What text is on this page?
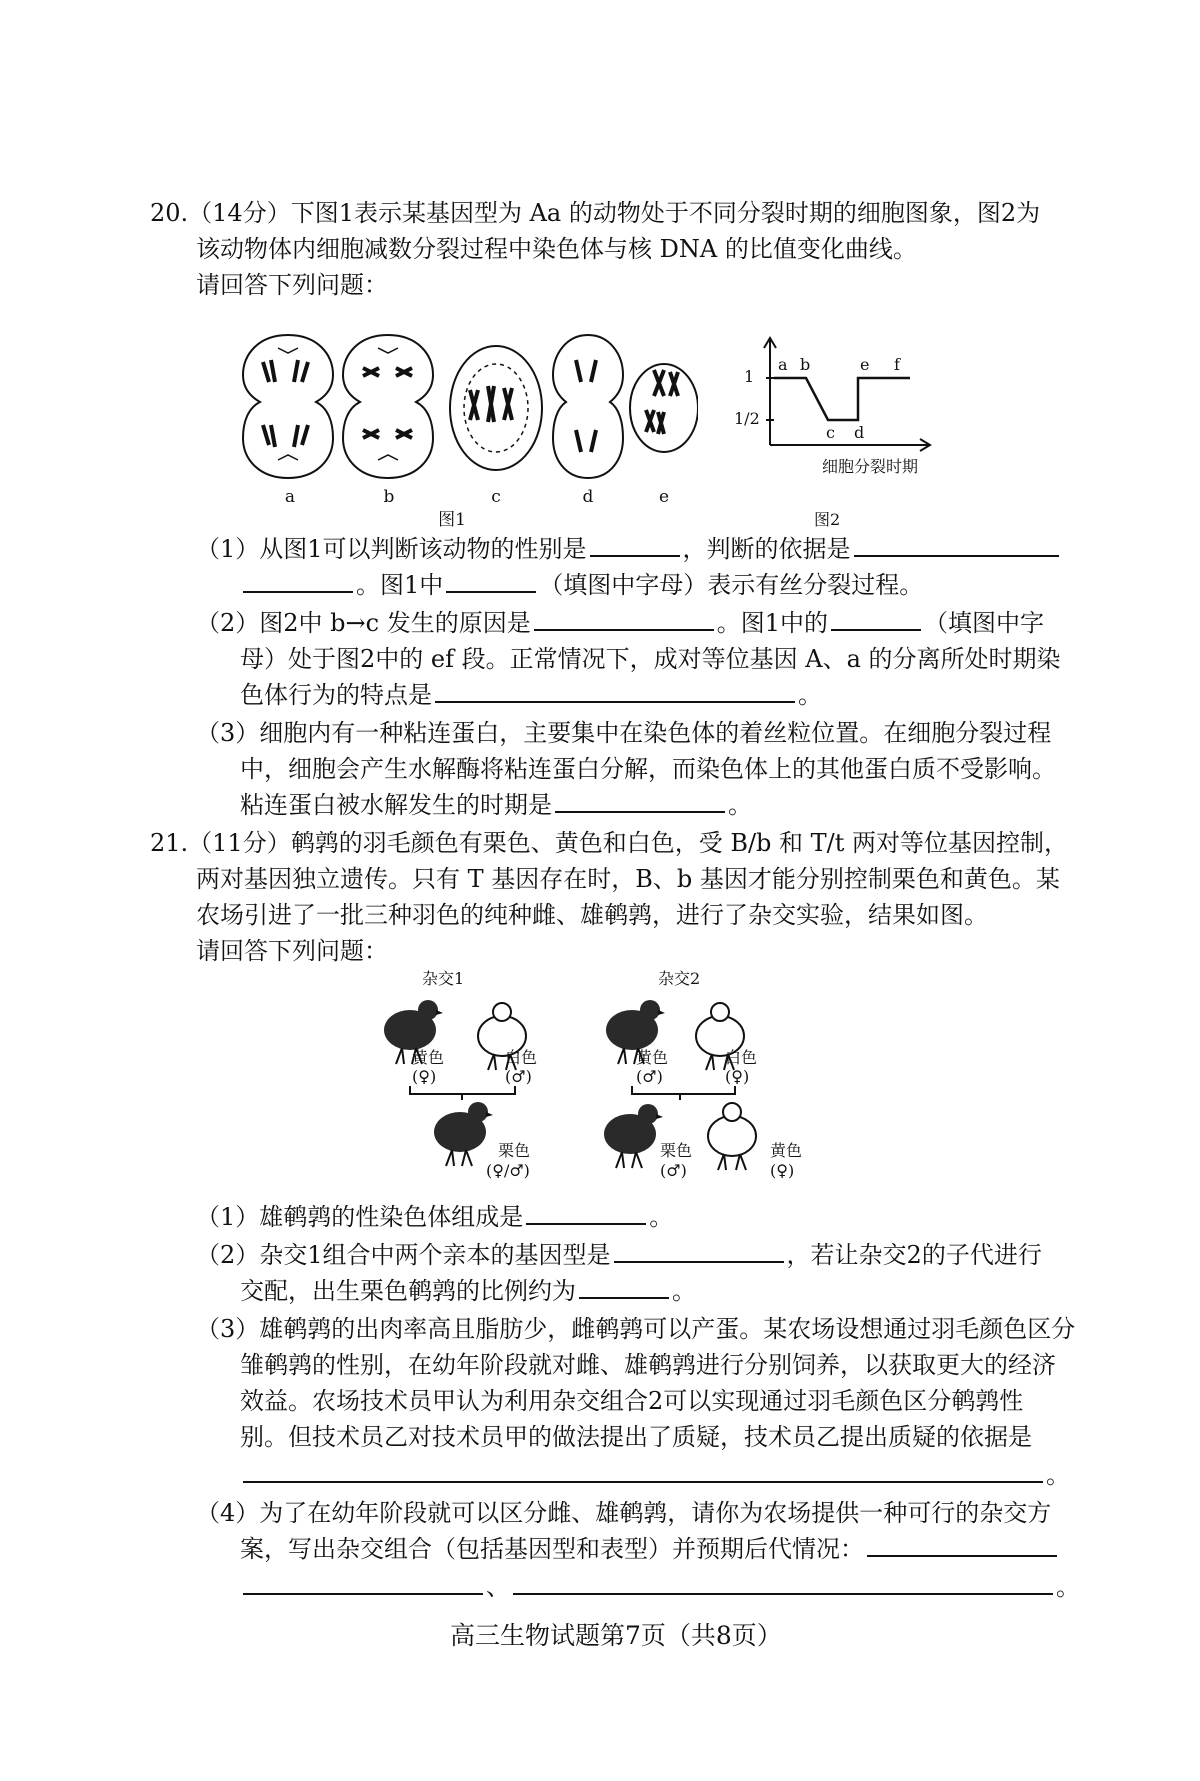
20.（14分）下图1表示某基因型为 Aa 的动物处于不同分裂时期的细胞图象，图2为
该动物体内细胞减数分裂过程中染色体与核 DNA 的比值变化曲线。
请回答下列问题：
a	b	c	d	e
图1
1
1/2
a b
c d
e f
细胞分裂时期
图2
（1）从图1可以判断该动物的性别是	，判断的依据是
。图1中	（填图中字母）表示有丝分裂过程。
（2）图2中 b→c 发生的原因是	。图1中的	（填图中字
母）处于图2中的 ef 段。正常情况下，成对等位基因 A、a 的分离所处时期染
色体行为的特点是	。
（3）细胞内有一种粘连蛋白，主要集中在染色体的着丝粒位置。在细胞分裂过程
中，细胞会产生水解酶将粘连蛋白分解，而染色体上的其他蛋白质不受影响。
粘连蛋白被水解发生的时期是	。
21.（11分）鹌鹑的羽毛颜色有栗色、黄色和白色，受 B/b 和 T/t 两对等位基因控制，
两对基因独立遗传。只有 T 基因存在时，B、b 基因才能分别控制栗色和黄色。某
农场引进了一批三种羽色的纯种雌、雄鹌鹑，进行了杂交实验，结果如图。
请回答下列问题：
杂交1
黄色
(♀)
白色
(♂)
栗色
(♀/♂)
杂交2
黄色
(♂)
白色
(♀)
栗色
(♂)
黄色
(♀)
（1）雄鹌鹑的性染色体组成是	。
（2）杂交1组合中两个亲本的基因型是	，若让杂交2的子代进行
交配，出生栗色鹌鹑的比例约为	。
（3）雄鹌鹑的出肉率高且脂肪少，雌鹌鹑可以产蛋。某农场设想通过羽毛颜色区分
雏鹌鹑的性别，在幼年阶段就对雌、雄鹌鹑进行分别饲养，以获取更大的经济
效益。农场技术员甲认为利用杂交组合2可以实现通过羽毛颜色区分鹌鹑性
别。但技术员乙对技术员甲的做法提出了质疑，技术员乙提出质疑的依据是
。
（4）为了在幼年阶段就可以区分雌、雄鹌鹑，请你为农场提供一种可行的杂交方
案，写出杂交组合（包括基因型和表型）并预期后代情况：
、	。
高三生物试题第7页（共8页）
